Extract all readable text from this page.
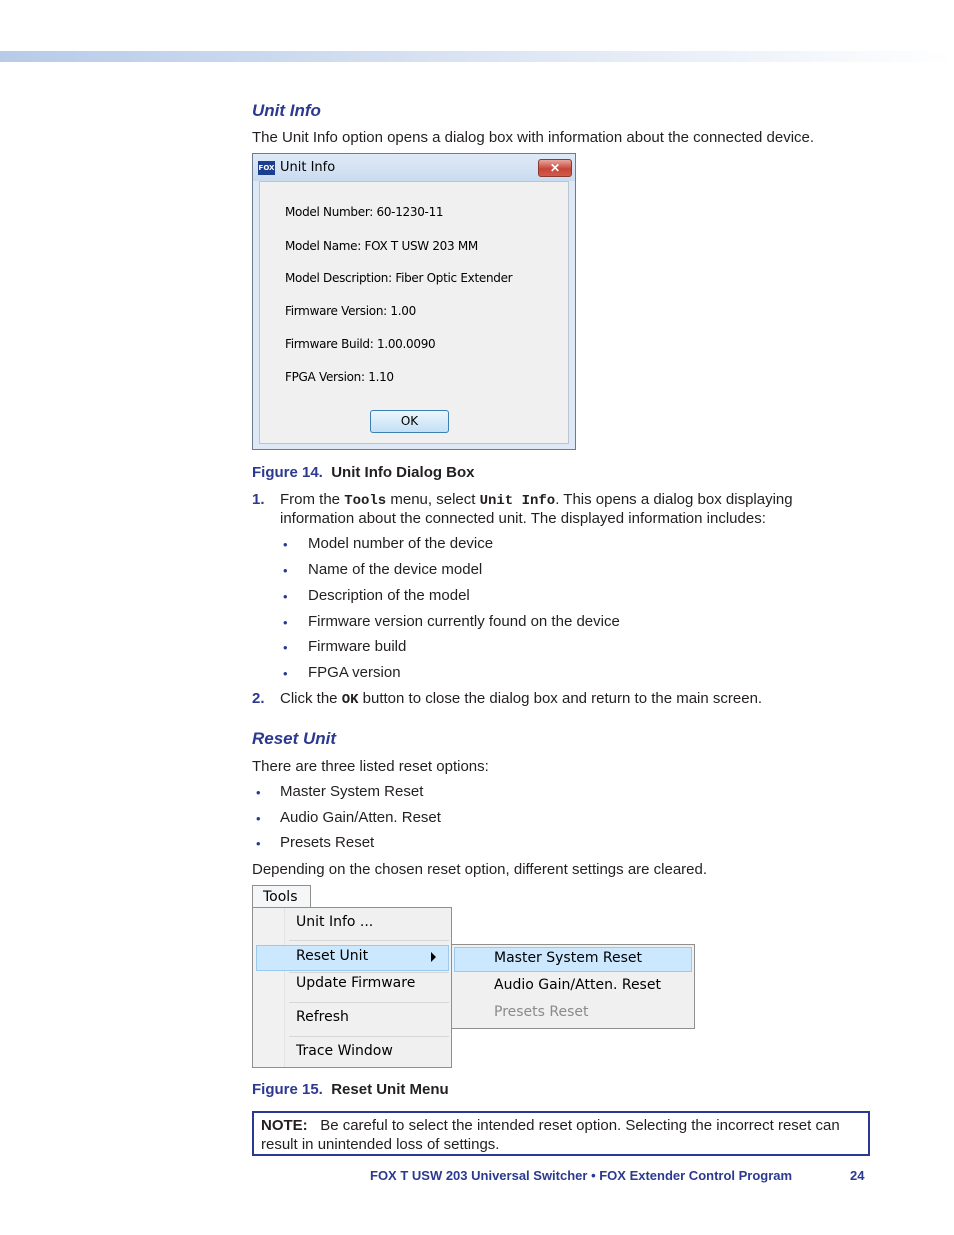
Unit Info
The Unit Info option opens a dialog box with information about the connected device.
FOX Unit Info	✕
Model Number: 60-1230-11
Model Name: FOX T USW 203 MM
Model Description: Fiber Optic Extender
Firmware Version: 1.00
Firmware Build: 1.00.0090
FPGA Version: 1.10
OK
Figure 14. Unit Info Dialog Box
1. From the Tools menu, select Unit Info. This opens a dialog box displaying
information about the connected unit. The displayed information includes:
• Model number of the device
• Name of the device model
• Description of the model
• Firmware version currently found on the device
• Firmware build
• FPGA version
2. Click the OK button to close the dialog box and return to the main screen.
Reset Unit
There are three listed reset options:
• Master System Reset
• Audio Gain/Atten. Reset
• Presets Reset
Depending on the chosen reset option, different settings are cleared.
Tools
Unit Info ...
Reset Unit
Update Firmware
Refresh
Trace Window
Master System Reset
Audio Gain/Atten. Reset
Presets Reset
Figure 15. Reset Unit Menu
NOTE: Be careful to select the intended reset option. Selecting the incorrect reset can result in unintended loss of settings.
FOX T USW 203 Universal Switcher • FOX Extender Control Program	24
